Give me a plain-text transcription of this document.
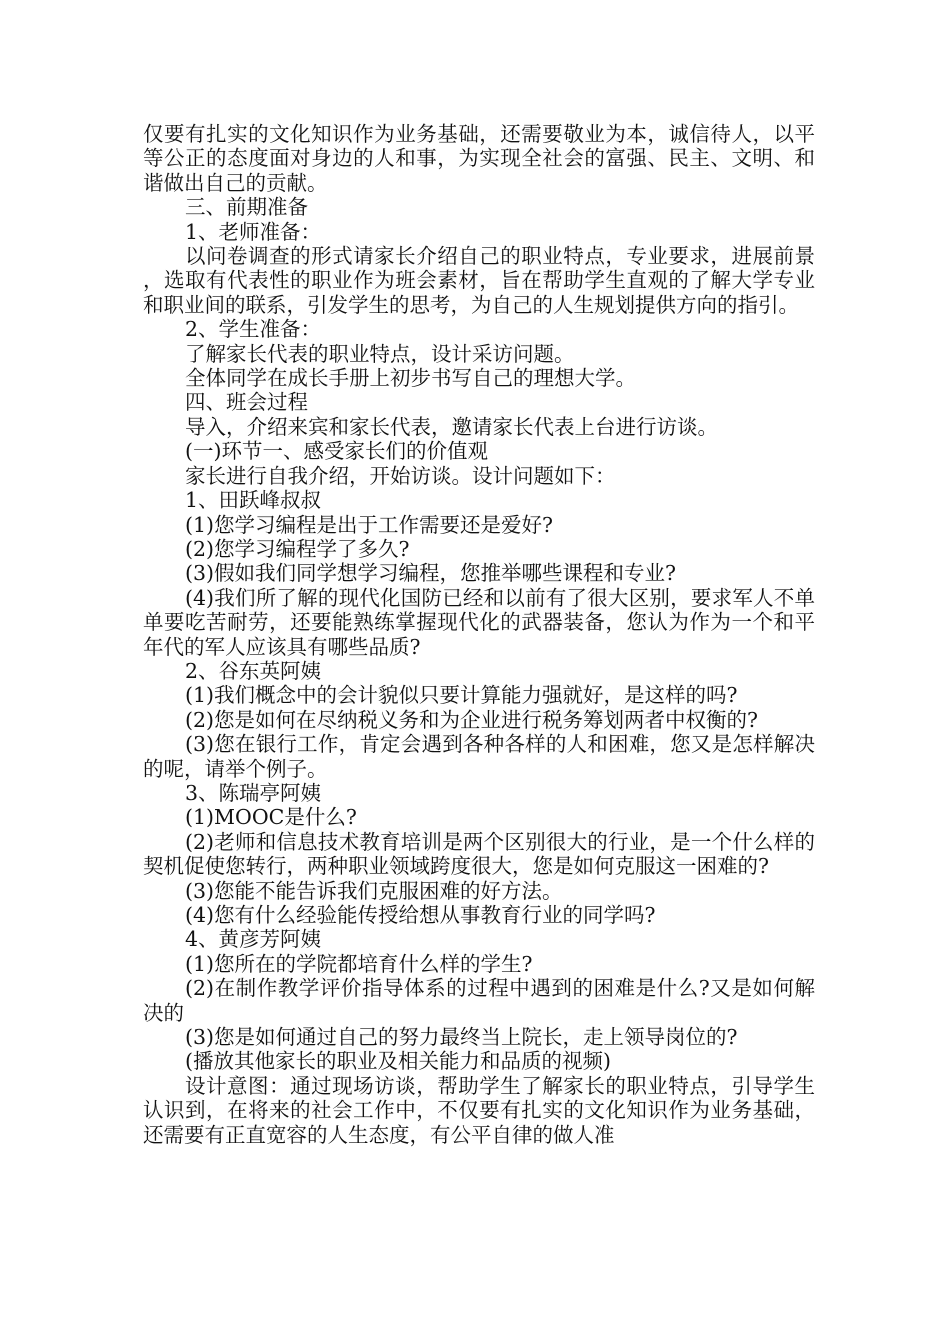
仅要有扎实的文化知识作为业务基础，还需要敬业为本，诚信待人，以平等公正的态度面对身边的人和事，为实现全社会的富强、民主、文明、和谐做出自己的贡献。

三、前期准备

1、老师准备：

以问卷调查的形式请家长介绍自己的职业特点，专业要求，进展前景，选取有代表性的职业作为班会素材，旨在帮助学生直观的了解大学专业和职业间的联系，引发学生的思考，为自己的人生规划提供方向的指引。

2、学生准备：

了解家长代表的职业特点，设计采访问题。

全体同学在成长手册上初步书写自己的理想大学。

四、班会过程

导入，介绍来宾和家长代表，邀请家长代表上台进行访谈。

(一)环节一、感受家长们的价值观

家长进行自我介绍，开始访谈。设计问题如下：

1、田跃峰叔叔

(1)您学习编程是出于工作需要还是爱好?

(2)您学习编程学了多久?

(3)假如我们同学想学习编程，您推举哪些课程和专业?

(4)我们所了解的现代化国防已经和以前有了很大区别，要求军人不单单要吃苦耐劳，还要能熟练掌握现代化的武器装备，您认为作为一个和平年代的军人应该具有哪些品质?

2、谷东英阿姨

(1)我们概念中的会计貌似只要计算能力强就好，是这样的吗?

(2)您是如何在尽纳税义务和为企业进行税务筹划两者中权衡的?

(3)您在银行工作，肯定会遇到各种各样的人和困难，您又是怎样解决的呢，请举个例子。

3、陈瑞亭阿姨

(1)MOOC是什么?

(2)老师和信息技术教育培训是两个区别很大的行业，是一个什么样的契机促使您转行，两种职业领域跨度很大，您是如何克服这一困难的?

(3)您能不能告诉我们克服困难的好方法。

(4)您有什么经验能传授给想从事教育行业的同学吗?

4、黄彦芳阿姨

(1)您所在的学院都培育什么样的学生?

(2)在制作教学评价指导体系的过程中遇到的困难是什么?又是如何解决的

(3)您是如何通过自己的努力最终当上院长，走上领导岗位的?

(播放其他家长的职业及相关能力和品质的视频)

设计意图：通过现场访谈，帮助学生了解家长的职业特点，引导学生认识到，在将来的社会工作中，不仅要有扎实的文化知识作为业务基础，还需要有正直宽容的人生态度，有公平自律的做人准
